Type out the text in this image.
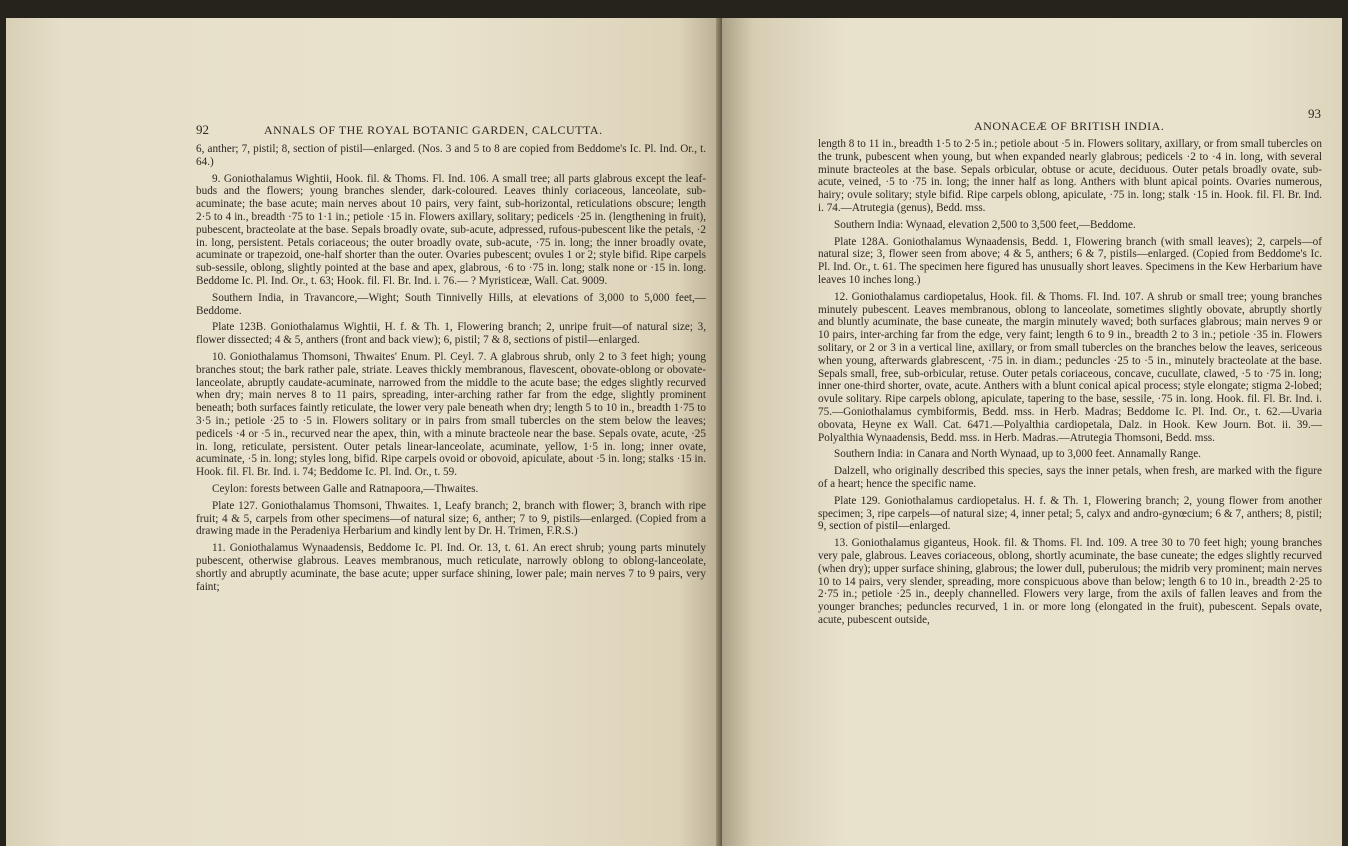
92	ANNALS OF THE ROYAL BOTANIC GARDEN, CALCUTTA.

6, anther; 7, pistil; 8, section of pistil—enlarged. (Nos. 3 and 5 to 8 are copied from Beddome's Ic. Pl. Ind. Or., t. 64.)

9. Goniothalamus Wightii, Hook. fil. & Thoms. Fl. Ind. 106. A small tree; all parts glabrous except the leaf-buds and the flowers; young branches slender, dark-coloured. Leaves thinly coriaceous, lanceolate, sub-acuminate; the base acute; main nerves about 10 pairs, very faint, sub-horizontal, reticulations obscure; length 2·5 to 4 in., breadth ·75 to 1·1 in.; petiole ·15 in. Flowers axillary, solitary; pedicels ·25 in. (lengthening in fruit), pubescent, bracteolate at the base. Sepals broadly ovate, sub-acute, adpressed, rufous-pubescent like the petals, ·2 in. long, persistent. Petals coriaceous; the outer broadly ovate, sub-acute, ·75 in. long; the inner broadly ovate, acuminate or trapezoid, one-half shorter than the outer. Ovaries pubescent; ovules 1 or 2; style bifid. Ripe carpels sub-sessile, oblong, slightly pointed at the base and apex, glabrous, ·6 to ·75 in. long; stalk none or ·15 in. long. Beddome Ic. Pl. Ind. Or., t. 63; Hook. fil. Fl. Br. Ind. i. 76.— ? Myristiceæ, Wall. Cat. 9009.

Southern India, in Travancore,—Wight; South Tinnivelly Hills, at elevations of 3,000 to 5,000 feet,—Beddome.

Plate 123B. Goniothalamus Wightii, H. f. & Th. 1, Flowering branch; 2, unripe fruit—of natural size; 3, flower dissected; 4 & 5, anthers (front and back view); 6, pistil; 7 & 8, sections of pistil—enlarged.

10. Goniothalamus Thomsoni, Thwaites' Enum. Pl. Ceyl. 7. A glabrous shrub, only 2 to 3 feet high; young branches stout; the bark rather pale, striate. Leaves thickly membranous, flavescent, obovate-oblong or obovate-lanceolate, abruptly caudate-acuminate, narrowed from the middle to the acute base; the edges slightly recurved when dry; main nerves 8 to 11 pairs, spreading, inter-arching rather far from the edge, slightly prominent beneath; both surfaces faintly reticulate, the lower very pale beneath when dry; length 5 to 10 in., breadth 1·75 to 3·5 in.; petiole ·25 to ·5 in. Flowers solitary or in pairs from small tubercles on the stem below the leaves; pedicels ·4 or ·5 in., recurved near the apex, thin, with a minute bracteole near the base. Sepals ovate, acute, ·25 in. long, reticulate, persistent. Outer petals linear-lanceolate, acuminate, yellow, 1·5 in. long; inner ovate, acuminate, ·5 in. long; styles long, bifid. Ripe carpels ovoid or obovoid, apiculate, about ·5 in. long; stalks ·15 in. Hook. fil. Fl. Br. Ind. i. 74; Beddome Ic. Pl. Ind. Or., t. 59.

Ceylon: forests between Galle and Ratnapoora,—Thwaites.

Plate 127. Goniothalamus Thomsoni, Thwaites. 1, Leafy branch; 2, branch with flower; 3, branch with ripe fruit; 4 & 5, carpels from other specimens—of natural size; 6, anther; 7 to 9, pistils—enlarged. (Copied from a drawing made in the Peradeniya Herbarium and kindly lent by Dr. H. Trimen, F.R.S.)

11. Goniothalamus Wynaadensis, Beddome Ic. Pl. Ind. Or. 13, t. 61. An erect shrub; young parts minutely pubescent, otherwise glabrous. Leaves membranous, much reticulate, narrowly oblong to oblong-lanceolate, shortly and abruptly acuminate, the base acute; upper surface shining, lower pale; main nerves 7 to 9 pairs, very faint;

ANONACEÆ OF BRITISH INDIA.
93

length 8 to 11 in., breadth 1·5 to 2·5 in.; petiole about ·5 in. Flowers solitary, axillary, or from small tubercles on the trunk, pubescent when young, but when expanded nearly glabrous; pedicels ·2 to ·4 in. long, with several minute bracteoles at the base. Sepals orbicular, obtuse or acute, deciduous. Outer petals broadly ovate, sub-acute, veined, ·5 to ·75 in. long; the inner half as long. Anthers with blunt apical points. Ovaries numerous, hairy; ovule solitary; style bifid. Ripe carpels oblong, apiculate, ·75 in. long; stalk ·15 in. Hook. fil. Fl. Br. Ind. i. 74.—Atrutegia (genus), Bedd. mss.

Southern India: Wynaad, elevation 2,500 to 3,500 feet,—Beddome.

Plate 128A. Goniothalamus Wynaadensis, Bedd. 1, Flowering branch (with small leaves); 2, carpels—of natural size; 3, flower seen from above; 4 & 5, anthers; 6 & 7, pistils—enlarged. (Copied from Beddome's Ic. Pl. Ind. Or., t. 61. The specimen here figured has unusually short leaves. Specimens in the Kew Herbarium have leaves 10 inches long.)

12. Goniothalamus cardiopetalus, Hook. fil. & Thoms. Fl. Ind. 107. A shrub or small tree; young branches minutely pubescent. Leaves membranous, oblong to lanceolate, sometimes slightly obovate, abruptly shortly and bluntly acuminate, the base cuneate, the margin minutely waved; both surfaces glabrous; main nerves 9 or 10 pairs, inter-arching far from the edge, very faint; length 6 to 9 in., breadth 2 to 3 in.; petiole ·35 in. Flowers solitary, or 2 or 3 in a vertical line, axillary, or from small tubercles on the branches below the leaves, sericeous when young, afterwards glabrescent, ·75 in. in diam.; peduncles ·25 to ·5 in., minutely bracteolate at the base. Sepals small, free, sub-orbicular, retuse. Outer petals coriaceous, concave, cucullate, clawed, ·5 to ·75 in. long; inner one-third shorter, ovate, acute. Anthers with a blunt conical apical process; style elongate; stigma 2-lobed; ovule solitary. Ripe carpels oblong, apiculate, tapering to the base, sessile, ·75 in. long. Hook. fil. Fl. Br. Ind. i. 75.—Goniothalamus cymbiformis, Bedd. mss. in Herb. Madras; Beddome Ic. Pl. Ind. Or., t. 62.—Uvaria obovata, Heyne ex Wall. Cat. 6471.—Polyalthia cardiopetala, Dalz. in Hook. Kew Journ. Bot. ii. 39.—Polyalthia Wynaadensis, Bedd. mss. in Herb. Madras.—Atrutegia Thomsoni, Bedd. mss.

Southern India: in Canara and North Wynaad, up to 3,000 feet. Annamally Range.

Dalzell, who originally described this species, says the inner petals, when fresh, are marked with the figure of a heart; hence the specific name.

Plate 129. Goniothalamus cardiopetalus. H. f. & Th. 1, Flowering branch; 2, young flower from another specimen; 3, ripe carpels—of natural size; 4, inner petal; 5, calyx and andro-gynœcium; 6 & 7, anthers; 8, pistil; 9, section of pistil—enlarged.

13. Goniothalamus giganteus, Hook. fil. & Thoms. Fl. Ind. 109. A tree 30 to 70 feet high; young branches very pale, glabrous. Leaves coriaceous, oblong, shortly acuminate, the base cuneate; the edges slightly recurved (when dry); upper surface shining, glabrous; the lower dull, puberulous; the midrib very prominent; main nerves 10 to 14 pairs, very slender, spreading, more conspicuous above than below; length 6 to 10 in., breadth 2·25 to 2·75 in.; petiole ·25 in., deeply channelled. Flowers very large, from the axils of fallen leaves and from the younger branches; peduncles recurved, 1 in. or more long (elongated in the fruit), pubescent. Sepals ovate, acute, pubescent outside,
